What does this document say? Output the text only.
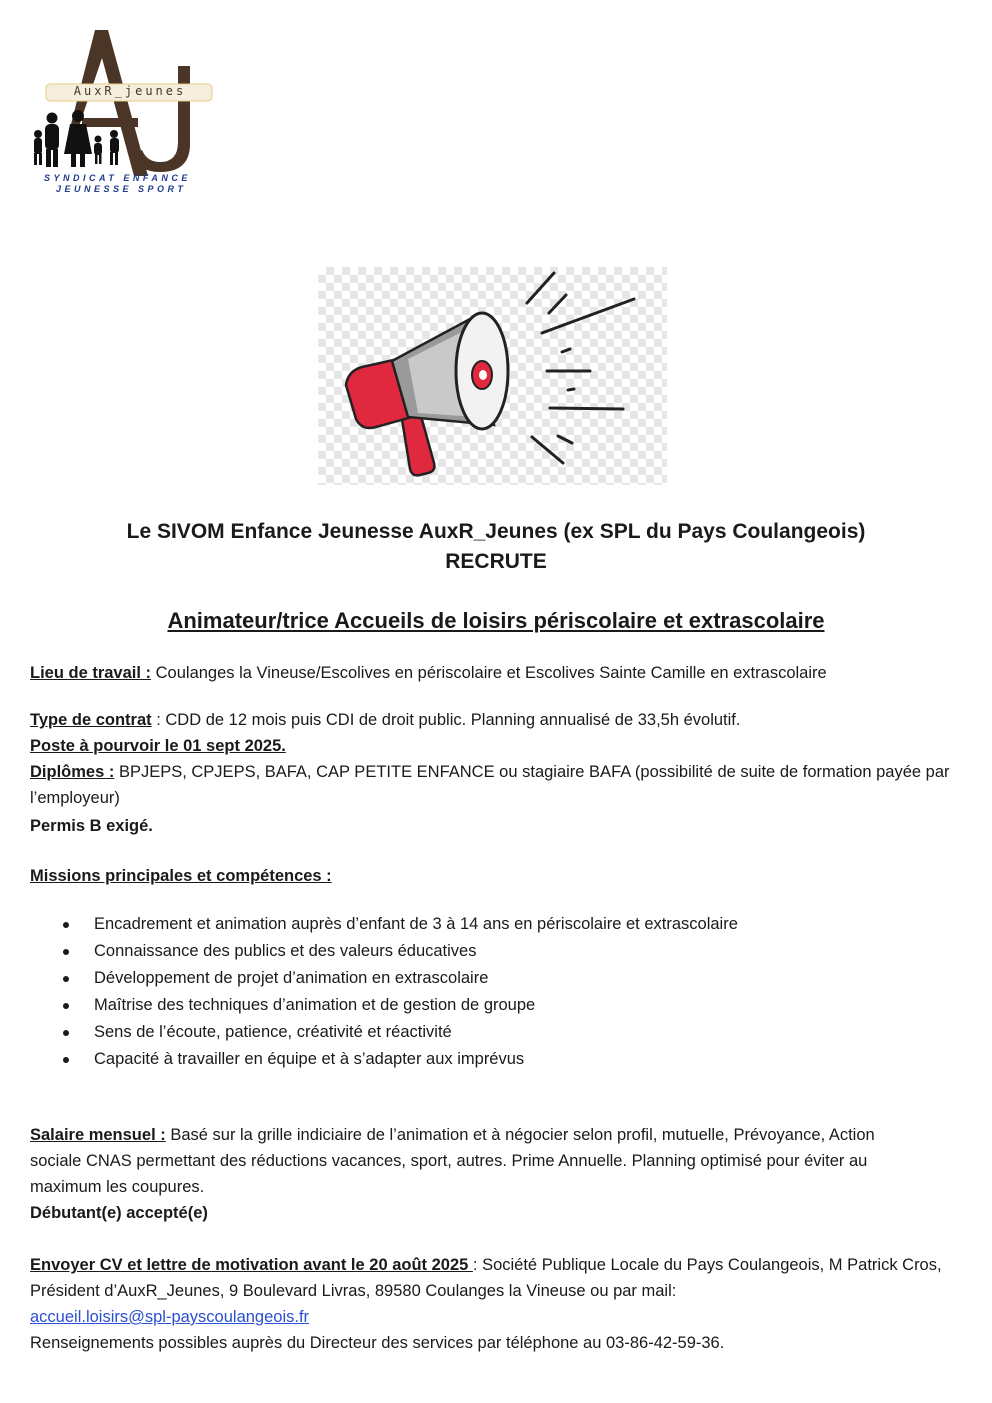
AuxR_jeunes
SYNDICAT ENFANCE
JEUNESSE SPORT

Le SIVOM Enfance Jeunesse AuxR_Jeunes (ex SPL du Pays Coulangeois)

RECRUTE

Animateur/trice Accueils de loisirs périscolaire et extrascolaire

Lieu de travail : Coulanges la Vineuse/Escolives en périscolaire et Escolives Sainte Camille en extrascolaire

Type de contrat : CDD de 12 mois puis CDI de droit public. Planning annualisé de 33,5h évolutif.

Poste à pourvoir le 01 sept 2025.

Diplômes : BPJEPS, CPJEPS, BAFA, CAP PETITE ENFANCE ou stagiaire BAFA (possibilité de suite de formation payée par l’employeur)

Permis B exigé.

Missions principales et compétences :

Encadrement et animation auprès d’enfant de 3 à 14 ans en périscolaire et extrascolaire
Connaissance des publics et des valeurs éducatives
Développement de projet d’animation en extrascolaire
Maîtrise des techniques d’animation et de gestion de groupe
Sens de l’écoute, patience, créativité et réactivité
Capacité à travailler en équipe et à s’adapter aux imprévus

Salaire mensuel : Basé sur la grille indiciaire de l’animation et à négocier selon profil, mutuelle, Prévoyance, Action sociale CNAS permettant des réductions vacances, sport, autres. Prime Annuelle. Planning optimisé pour éviter au maximum les coupures.

Débutant(e) accepté(e)

Envoyer CV et lettre de motivation avant le 20 août 2025 : Société Publique Locale du Pays Coulangeois, M Patrick Cros, Président d’AuxR_Jeunes, 9 Boulevard Livras, 89580 Coulanges la Vineuse ou par mail:
accueil.loisirs@spl-payscoulangeois.fr
Renseignements possibles auprès du Directeur des services par téléphone au 03-86-42-59-36.
